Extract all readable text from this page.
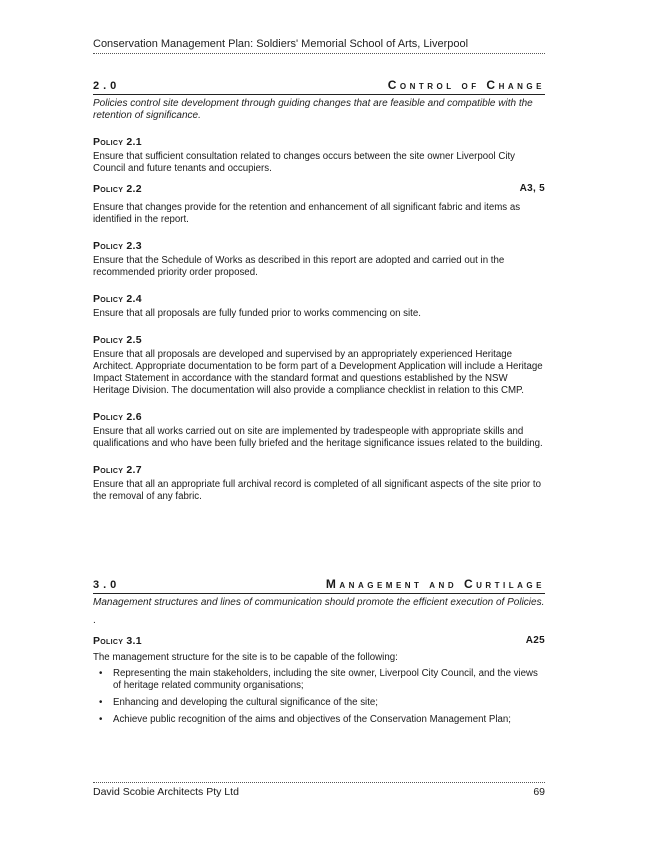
Conservation Management Plan: Soldiers' Memorial School of Arts, Liverpool
2.0	Control of Change
Policies control site development through guiding changes that are feasible and compatible with the retention of significance.
Policy 2.1
Ensure that sufficient consultation related to changes occurs between the site owner Liverpool City Council and future tenants and occupiers.
Policy 2.2	A3, 5
Ensure that changes provide for the retention and enhancement of all significant fabric and items as identified in the report.
Policy 2.3
Ensure that the Schedule of Works as described in this report are adopted and carried out in the recommended priority order proposed.
Policy 2.4
Ensure that all proposals are fully funded prior to works commencing on site.
Policy 2.5
Ensure that all proposals are developed and supervised by an appropriately experienced Heritage Architect. Appropriate documentation to be form part of a Development Application will include a Heritage Impact Statement in accordance with the standard format and questions established by the NSW Heritage Division. The documentation will also provide a compliance checklist in relation to this CMP.
Policy 2.6
Ensure that all works carried out on site are implemented by tradespeople with appropriate skills and qualifications and who have been fully briefed and the heritage significance issues related to the building.
Policy 2.7
Ensure that all an appropriate full archival record is completed of all significant aspects of the site prior to the removal of any fabric.
3.0	Management and Curtilage
Management structures and lines of communication should promote the efficient execution of Policies.
.
Policy 3.1	A25
The management structure for the site is to be capable of the following:
• Representing the main stakeholders, including the site owner, Liverpool City Council, and the views of heritage related community organisations;
• Enhancing and developing the cultural significance of the site;
• Achieve public recognition of the aims and objectives of the Conservation Management Plan;
David Scobie Architects Pty Ltd	69
